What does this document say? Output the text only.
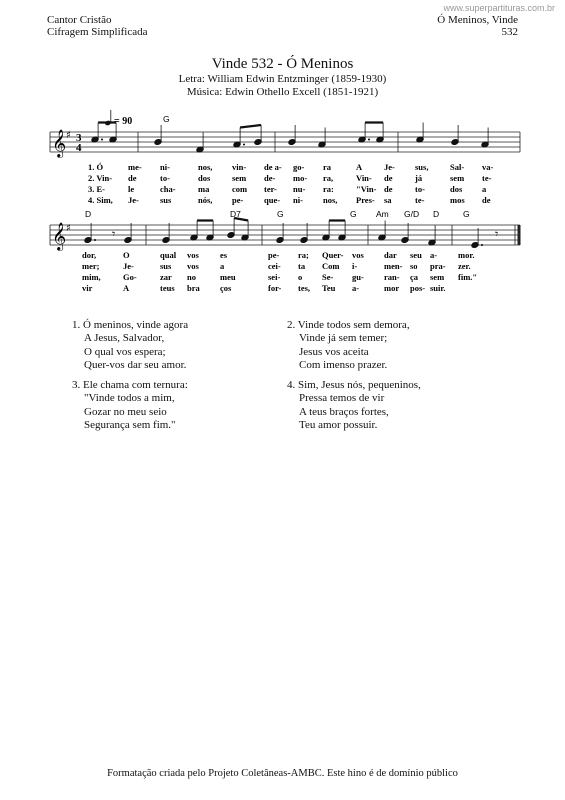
www.superpartituras.com.br
Cantor Cristão
Cifragem Simplificada
Ó Meninos, Vinde
532
Vinde 532 - Ó Meninos
Letra: William Edwin Entzminger (1859-1930)
Música: Edwin Othello Excell (1851-1921)
𝄞 ♯
𝄞 ♯
3
4
= 90
𝄾	𝄾
G
D	D7	G	G Am G/D D	G
1. Ó	me- ni-	nos, vin- de a- go- ra	A	Je- sus,	Sal- va-
2. Vin- de	to-	dos	sem de- mo- ra,	Vin- de	já	sem te-
3. E-	le	cha-	ma	com ter- nu- ra:	"Vin- de	to-	dos a
4. Sim, Je- sus	nós, pe- que- ni- nos, Pres- sa	te-	mos de
dor,	O	qual vos es	pe- ra; Quer- vos dar seu a- mor.
mer;	Je-	sus vos a	cei- ta Com i-	men- so pra- zer.
mim,	Go-	zar no	meu	sei- o Se- gu- ran- ça sem fim."
vir	A	teus bra ços	for- tes, Teu a-	mor pos- suir.
1. Ó meninos, vinde agora
A Jesus, Salvador,
O qual vos espera;
Quer-vos dar seu amor.
2. Vinde todos sem demora,
Vinde já sem temer;
Jesus vos aceita
Com imenso prazer.
3. Ele chama com ternura:
"Vinde todos a mim,
Gozar no meu seio
Segurança sem fim."
4. Sim, Jesus nós, pequeninos,
Pressa temos de vir
A teus braços fortes,
Teu amor possuir.
Formatação criada pelo Projeto Coletâneas-AMBC. Este hino é de domínio público
